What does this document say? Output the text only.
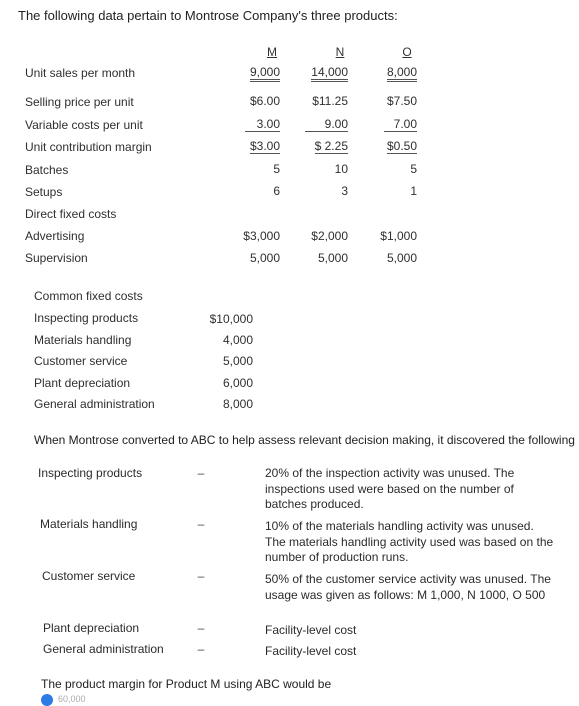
The following data pertain to Montrose Company's three products:
M	N	O
Unit sales per month	9,000	14,000	8,000
Selling price per unit	$6.00	$11.25	$7.50
Variable costs per unit	3.00	9.00	7.00
Unit contribution margin	$3.00	$ 2.25	$0.50
Batches	5	10	5
Setups	6	3	1
Direct fixed costs
Advertising	$3,000	$2,000	$1,000
Supervision	5,000	5,000	5,000
Common fixed costs
Inspecting products	$10,000
Materials handling	4,000
Customer service	5,000
Plant depreciation	6,000
General administration	8,000
When Montrose converted to ABC to help assess relevant decision making, it discovered the following
Inspecting products	–	20% of the inspection activity was unused. The inspections used were based on the number of batches produced.
Materials handling	–	10% of the materials handling activity was unused. The materials handling activity used was based on the number of production runs.
Customer service	–	50% of the customer service activity was unused. The usage was given as follows: M 1,000, N 1000, O 500
Plant depreciation	–	Facility-level cost
General administration	–	Facility-level cost
The product margin for Product M using ABC would be
60,000
